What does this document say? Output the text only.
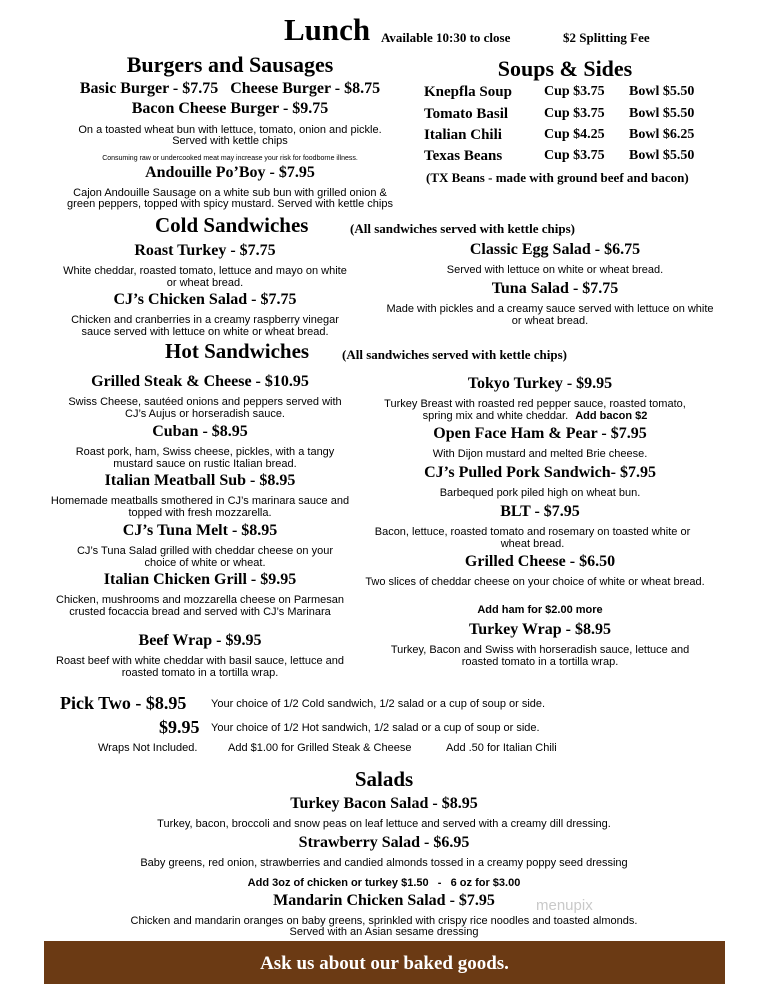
Lunch Available 10:30 to close	$2 Splitting Fee
Burgers and Sausages
Basic Burger - $7.75   Cheese Burger - $8.75
Bacon Cheese Burger - $9.75
On a toasted wheat bun with lettuce, tomato, onion and pickle.
Served with kettle chips
Consuming raw or undercooked meat may increase your risk for foodborne illness.
Andouille Po’Boy - $7.95
Cajon Andouille Sausage on a white sub bun with grilled onion &
green peppers, topped with spicy mustard. Served with kettle chips
Soups & Sides
Knepfla Soup	Cup $3.75	Bowl $5.50
Tomato Basil	Cup $3.75	Bowl $5.50
Italian Chili	Cup $4.25	Bowl $6.25
Texas Beans	Cup $3.75	Bowl $5.50
(TX Beans - made with ground beef and bacon)
Cold Sandwiches	(All sandwiches served with kettle chips)
Roast Turkey - $7.75
White cheddar, roasted tomato, lettuce and mayo on white or wheat bread.
CJ’s Chicken Salad - $7.75
Chicken and cranberries in a creamy raspberry vinegar sauce served with lettuce on white or wheat bread.
Classic Egg Salad - $6.75
Served with lettuce on white or wheat bread.
Tuna Salad - $7.75
Made with pickles and a creamy sauce served with lettuce on white or wheat bread.
Hot Sandwiches	(All sandwiches served with kettle chips)
Grilled Steak & Cheese - $10.95
Swiss Cheese, sautéed onions and peppers served with CJ’s Aujus or horseradish sauce.
Cuban - $8.95
Roast pork, ham, Swiss cheese, pickles, with a tangy mustard sauce on rustic Italian bread.
Italian Meatball Sub - $8.95
Homemade meatballs smothered in CJ’s marinara sauce and topped with fresh mozzarella.
CJ’s Tuna Melt - $8.95
CJ’s Tuna Salad grilled with cheddar cheese on your choice of white or wheat.
Italian Chicken Grill - $9.95
Chicken, mushrooms and mozzarella cheese on Parmesan crusted focaccia bread and served with CJ’s Marinara
Beef Wrap - $9.95
Roast beef with white cheddar with basil sauce, lettuce and roasted tomato in a tortilla wrap.
Tokyo Turkey - $9.95
Turkey Breast with roasted red pepper sauce, roasted tomato, spring mix and white cheddar. Add bacon $2
Open Face Ham & Pear - $7.95
With Dijon mustard and melted Brie cheese.
CJ’s Pulled Pork Sandwich- $7.95
Barbequed pork piled high on wheat bun.
BLT - $7.95
Bacon, lettuce, roasted tomato and rosemary on toasted white or wheat bread.
Grilled Cheese - $6.50
Two slices of cheddar cheese on your choice of white or wheat bread.
Add ham for $2.00 more
Turkey Wrap - $8.95
Turkey, Bacon and Swiss with horseradish sauce, lettuce and roasted tomato in a tortilla wrap.
Pick Two - $8.95 Your choice of 1/2 Cold sandwich, 1/2 salad or a cup of soup or side.
$9.95 Your choice of 1/2 Hot sandwich, 1/2 salad or a cup of soup or side.
Wraps Not Included.	Add $1.00 for Grilled Steak & Cheese	Add .50 for Italian Chili
Salads
Turkey Bacon Salad - $8.95
Turkey, bacon, broccoli and snow peas on leaf lettuce and served with a creamy dill dressing.
Strawberry Salad - $6.95
Baby greens, red onion, strawberries and candied almonds tossed in a creamy poppy seed dressing
Add 3oz of chicken or turkey $1.50   -   6 oz for $3.00
Mandarin Chicken Salad - $7.95
Chicken and mandarin oranges on baby greens, sprinkled with crispy rice noodles and toasted almonds.
Served with an Asian sesame dressing
menupix
Ask us about our baked goods.
